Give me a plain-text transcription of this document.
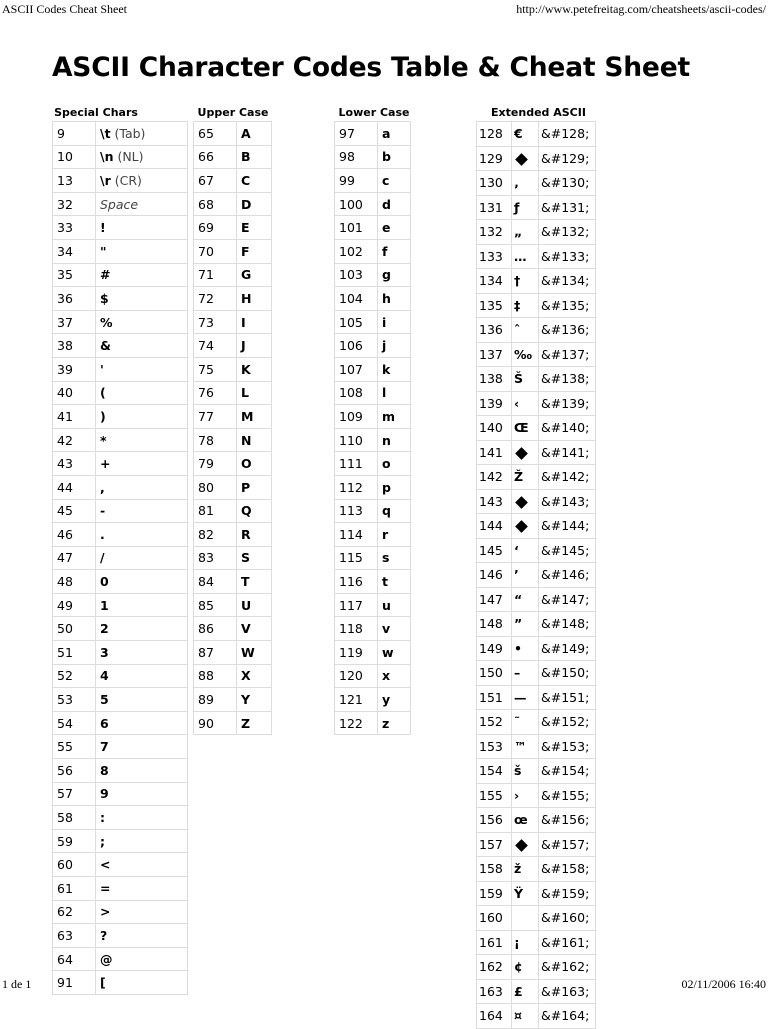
ASCII Codes Cheat Sheet	http://www.petefreitag.com/cheatsheets/ascii-codes/
ASCII Character Codes Table & Cheat Sheet
Special Chars
9	\t (Tab)
10	\n (NL)
13	\r (CR)
32	Space
33	!
34	"
35	#
36	$
37	%
38	&
39	'
40	(
41	)
42	*
43	+
44	,
45	-
46	.
47	/
48	0
49	1
50	2
51	3
52	4
53	5
54	6
55	7
56	8
57	9
58	:
59	;
60	<
61	=
62	>
63	?
64	@
91	[
Upper Case
65	A
66	B
67	C
68	D
69	E
70	F
71	G
72	H
73	I
74	J
75	K
76	L
77	M
78	N
79	O
80	P
81	Q
82	R
83	S
84	T
85	U
86	V
87	W
88	X
89	Y
90	Z
Lower Case
97	a
98	b
99	c
100	d
101	e
102	f
103	g
104	h
105	i
106	j
107	k
108	l
109	m
110	n
111	o
112	p
113	q
114	r
115	s
116	t
117	u
118	v
119	w
120	x
121	y
122	z
Extended ASCII
128	€	&#128;
129		&#129;
130	‚	&#130;
131	ƒ	&#131;
132	„	&#132;
133	…	&#133;
134	†	&#134;
135	‡	&#135;
136	ˆ	&#136;
137	‰	&#137;
138	Š	&#138;
139	‹	&#139;
140	Œ	&#140;
141		&#141;
142	Ž	&#142;
143		&#143;
144		&#144;
145	‘	&#145;
146	’	&#146;
147	“	&#147;
148	”	&#148;
149	•	&#149;
150	–	&#150;
151	—	&#151;
152	˜	&#152;
153	™	&#153;
154	š	&#154;
155	›	&#155;
156	œ	&#156;
157		&#157;
158	ž	&#158;
159	Ÿ	&#159;
160		&#160;
161	¡	&#161;
162	¢	&#162;
163	£	&#163;
164	¤	&#164;
1 de 1	02/11/2006 16:40
